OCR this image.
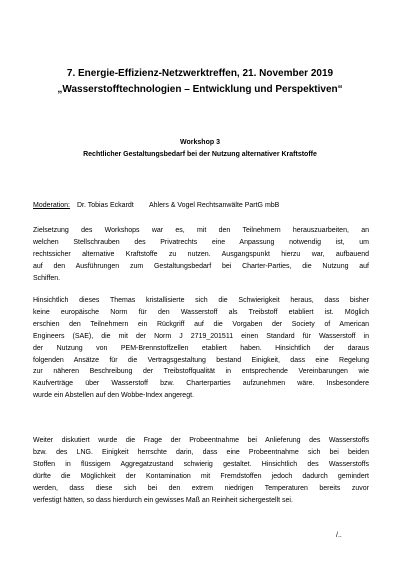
7. Energie-Effizienz-Netzwerktreffen, 21. November 2019
„Wasserstofftechnologien – Entwicklung und Perspektiven“
Workshop 3
Rechtlicher Gestaltungsbedarf bei der Nutzung alternativer Kraftstoffe
Moderation: Dr. Tobias Eckardt Ahlers & Vogel Rechtsanwälte PartG mbB
Zielsetzung des Workshops war es, mit den Teilnehmern herauszuarbeiten, an
welchen Stellschrauben des Privatrechts eine Anpassung notwendig ist, um
rechtssicher alternative Kraftstoffe zu nutzen. Ausgangspunkt hierzu war, aufbauend
auf den Ausführungen zum Gestaltungsbedarf bei Charter-Parties, die Nutzung auf
Schiffen.
Hinsichtlich dieses Themas kristallisierte sich die Schwierigkeit heraus, dass bisher
keine europäische Norm für den Wasserstoff als Treibstoff etabliert ist. Möglich
erschien den Teilnehmern ein Rückgriff auf die Vorgaben der Society of American
Engineers (SAE), die mit der Norm J 2719_201511 einen Standard für Wasserstoff in
der Nutzung von PEM-Brennstoffzellen etabliert haben. Hinsichtlich der daraus
folgenden Ansätze für die Vertragsgestaltung bestand Einigkeit, dass eine Regelung
zur näheren Beschreibung der Treibstoffqualität in entsprechende Vereinbarungen wie
Kaufverträge über Wasserstoff bzw. Charterparties aufzunehmen wäre. Insbesondere
wurde ein Abstellen auf den Wobbe-Index angeregt.
Weiter diskutiert wurde die Frage der Probeentnahme bei Anlieferung des Wasserstoffs
bzw. des LNG. Einigkeit herrschte darin, dass eine Probeentnahme sich bei beiden
Stoffen in flüssigem Aggregatzustand schwierig gestaltet. Hinsichtlich des Wasserstoffs
dürfte die Möglichkeit der Kontamination mit Fremdstoffen jedoch dadurch gemindert
werden, dass diese sich bei den extrem niedrigen Temperaturen bereits zuvor
verfestigt hätten, so dass hierdurch ein gewisses Maß an Reinheit sichergestellt sei.
/..
